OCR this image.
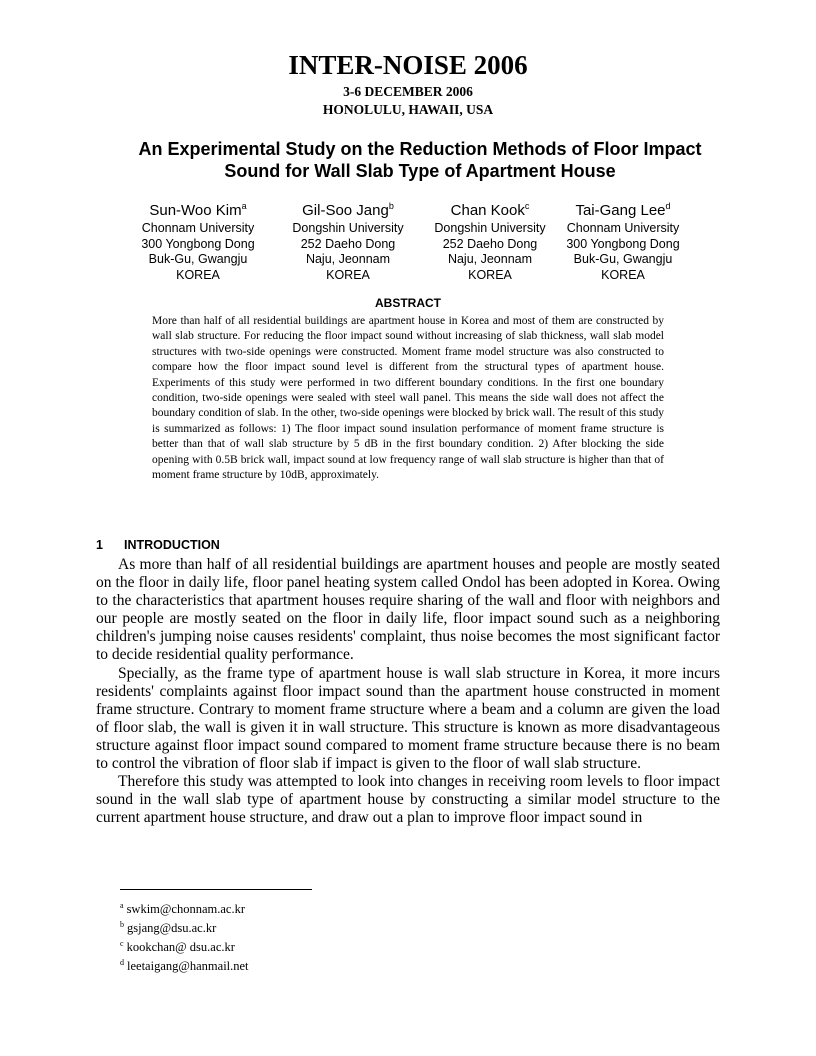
INTER-NOISE 2006
3-6 DECEMBER 2006
HONOLULU, HAWAII, USA
An Experimental Study on the Reduction Methods of Floor Impact
Sound for Wall Slab Type of Apartment House
Sun-Woo Kim$^a$
Chonnam University
300 Yongbong Dong
Buk-Gu, Gwangju
KOREA
Gil-Soo Jang$^b$
Dongshin University
252 Daeho Dong
Naju, Jeonnam
KOREA
Chan Kook$^c$
Dongshin University
252 Daeho Dong
Naju, Jeonnam
KOREA
Tai-Gang Lee$^d$
Chonnam University
300 Yongbong Dong
Buk-Gu, Gwangju
KOREA
ABSTRACT
More than half of all residential buildings are apartment house in Korea and most of them are constructed by wall slab structure. For reducing the floor impact sound without increasing of slab thickness, wall slab model structures with two-side openings were constructed. Moment frame model structure was also constructed to compare how the floor impact sound level is different from the structural types of apartment house. Experiments of this study were performed in two different boundary conditions. In the first one boundary condition, two-side openings were sealed with steel wall panel. This means the side wall does not affect the boundary condition of slab. In the other, two-side openings were blocked by brick wall. The result of this study is summarized as follows: 1) The floor impact sound insulation performance of moment frame structure is better than that of wall slab structure by 5 dB in the first boundary condition. 2) After blocking the side opening with 0.5B brick wall, impact sound at low frequency range of wall slab structure is higher than that of moment frame structure by 10dB, approximately.
1 INTRODUCTION

As more than half of all residential buildings are apartment houses and people are mostly seated on the floor in daily life, floor panel heating system called Ondol has been adopted in Korea. Owing to the characteristics that apartment houses require sharing of the wall and floor with neighbors and our people are mostly seated on the floor in daily life, floor impact sound such as a neighboring children's jumping noise causes residents' complaint, thus noise becomes the most significant factor to decide residential quality performance.

Specially, as the frame type of apartment house is wall slab structure in Korea, it more incurs residents' complaints against floor impact sound than the apartment house constructed in moment frame structure. Contrary to moment frame structure where a beam and a column are given the load of floor slab, the wall is given it in wall structure. This structure is known as more disadvantageous structure against floor impact sound compared to moment frame structure because there is no beam to control the vibration of floor slab if impact is given to the floor of wall slab structure.

Therefore this study was attempted to look into changes in receiving room levels to floor impact sound in the wall slab type of apartment house by constructing a similar model structure to the current apartment house structure, and draw out a plan to improve floor impact sound in

$^a$ swkim@chonnam.ac.kr
$^b$ gsjang@dsu.ac.kr
$^c$ kookchan@ dsu.ac.kr
$^d$ leetaigang@hanmail.net
